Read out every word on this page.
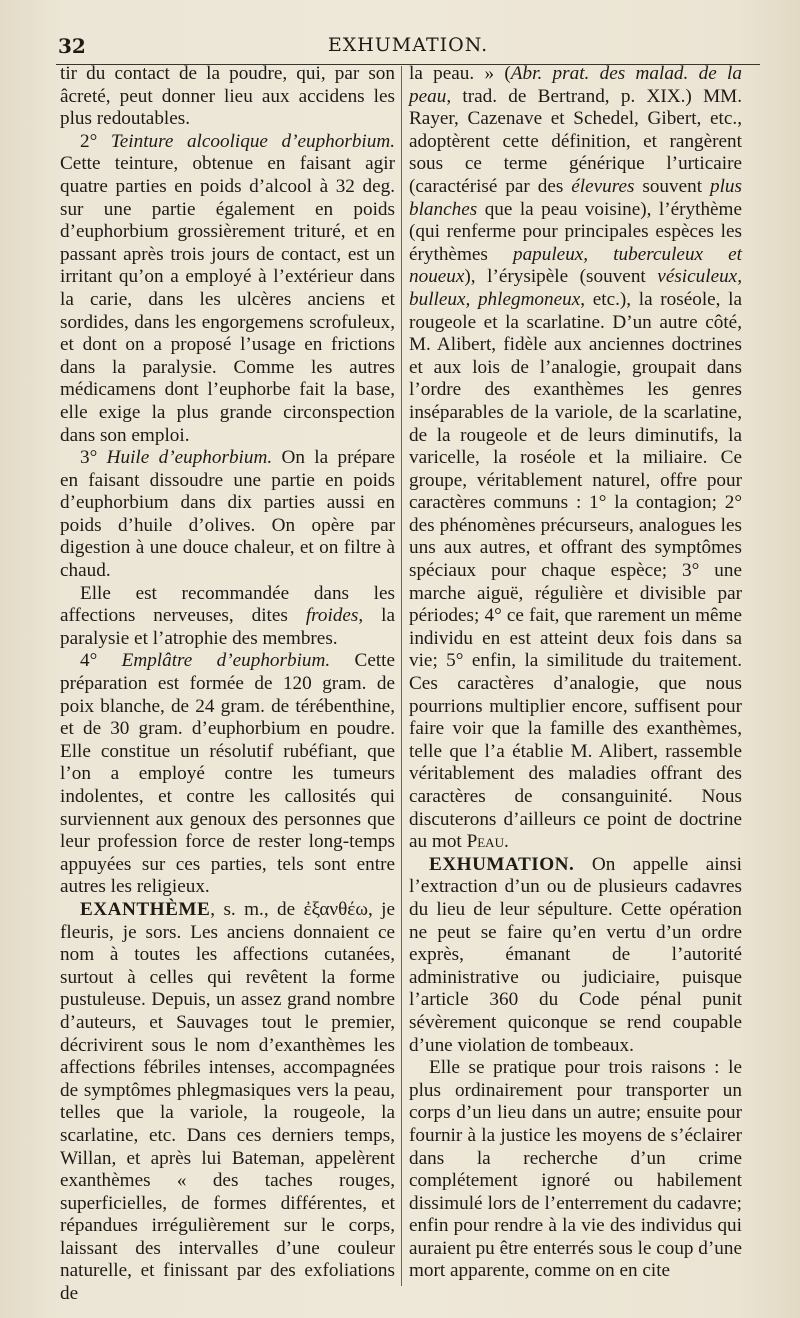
32	EXHUMATION.

tir du contact de la poudre, qui, par son âcreté, peut donner lieu aux accidens les plus redoutables.

2° Teinture alcoolique d’euphorbium. Cette teinture, obtenue en faisant agir quatre parties en poids d’alcool à 32 deg. sur une partie également en poids d’euphorbium grossièrement trituré, et en passant après trois jours de contact, est un irritant qu’on a employé à l’extérieur dans la carie, dans les ulcères anciens et sordides, dans les engorgemens scrofuleux, et dont on a proposé l’usage en frictions dans la paralysie. Comme les autres médicamens dont l’euphorbe fait la base, elle exige la plus grande circonspection dans son emploi.

3° Huile d’euphorbium. On la prépare en faisant dissoudre une partie en poids d’euphorbium dans dix parties aussi en poids d’huile d’olives. On opère par digestion à une douce chaleur, et on filtre à chaud.

Elle est recommandée dans les affections nerveuses, dites froides, la paralysie et l’atrophie des membres.

4° Emplâtre d’euphorbium. Cette préparation est formée de 120 gram. de poix blanche, de 24 gram. de térébenthine, et de 30 gram. d’euphorbium en poudre. Elle constitue un résolutif rubéfiant, que l’on a employé contre les tumeurs indolentes, et contre les callosités qui surviennent aux genoux des personnes que leur profession force de rester long-temps appuyées sur ces parties, tels sont entre autres les religieux.

EXANTHÈME, s. m., de ἐξανθέω, je fleuris, je sors. Les anciens donnaient ce nom à toutes les affections cutanées, surtout à celles qui revêtent la forme pustuleuse. Depuis, un assez grand nombre d’auteurs, et Sauvages tout le premier, décrivirent sous le nom d’exanthèmes les affections fébriles intenses, accompagnées de symptômes phlegmasiques vers la peau, telles que la variole, la rougeole, la scarlatine, etc. Dans ces derniers temps, Willan, et après lui Bateman, appelèrent exanthèmes « des taches rouges, superficielles, de formes différentes, et répandues irrégulièrement sur le corps, laissant des intervalles d’une couleur naturelle, et finissant par des exfoliations de

la peau. » (Abr. prat. des malad. de la peau, trad. de Bertrand, p. XIX.) MM. Rayer, Cazenave et Schedel, Gibert, etc., adoptèrent cette définition, et rangèrent sous ce terme générique l’urticaire (caractérisé par des élevures souvent plus blanches que la peau voisine), l’érythème (qui renferme pour principales espèces les érythèmes papuleux, tuberculeux et noueux), l’érysipèle (souvent vésiculeux, bulleux, phlegmoneux, etc.), la roséole, la rougeole et la scarlatine. D’un autre côté, M. Alibert, fidèle aux anciennes doctrines et aux lois de l’analogie, groupait dans l’ordre des exanthèmes les genres inséparables de la variole, de la scarlatine, de la rougeole et de leurs diminutifs, la varicelle, la roséole et la miliaire. Ce groupe, véritablement naturel, offre pour caractères communs : 1° la contagion; 2° des phénomènes précurseurs, analogues les uns aux autres, et offrant des symptômes spéciaux pour chaque espèce; 3° une marche aiguë, régulière et divisible par périodes; 4° ce fait, que rarement un même individu en est atteint deux fois dans sa vie; 5° enfin, la similitude du traitement. Ces caractères d’analogie, que nous pourrions multiplier encore, suffisent pour faire voir que la famille des exanthèmes, telle que l’a établie M. Alibert, rassemble véritablement des maladies offrant des caractères de consanguinité. Nous discuterons d’ailleurs ce point de doctrine au mot Peau.

EXHUMATION. On appelle ainsi l’extraction d’un ou de plusieurs cadavres du lieu de leur sépulture. Cette opération ne peut se faire qu’en vertu d’un ordre exprès, émanant de l’autorité administrative ou judiciaire, puisque l’article 360 du Code pénal punit sévèrement quiconque se rend coupable d’une violation de tombeaux.

Elle se pratique pour trois raisons : le plus ordinairement pour transporter un corps d’un lieu dans un autre; ensuite pour fournir à la justice les moyens de s’éclairer dans la recherche d’un crime complétement ignoré ou habilement dissimulé lors de l’enterrement du cadavre; enfin pour rendre à la vie des individus qui auraient pu être enterrés sous le coup d’une mort apparente, comme on en cite
